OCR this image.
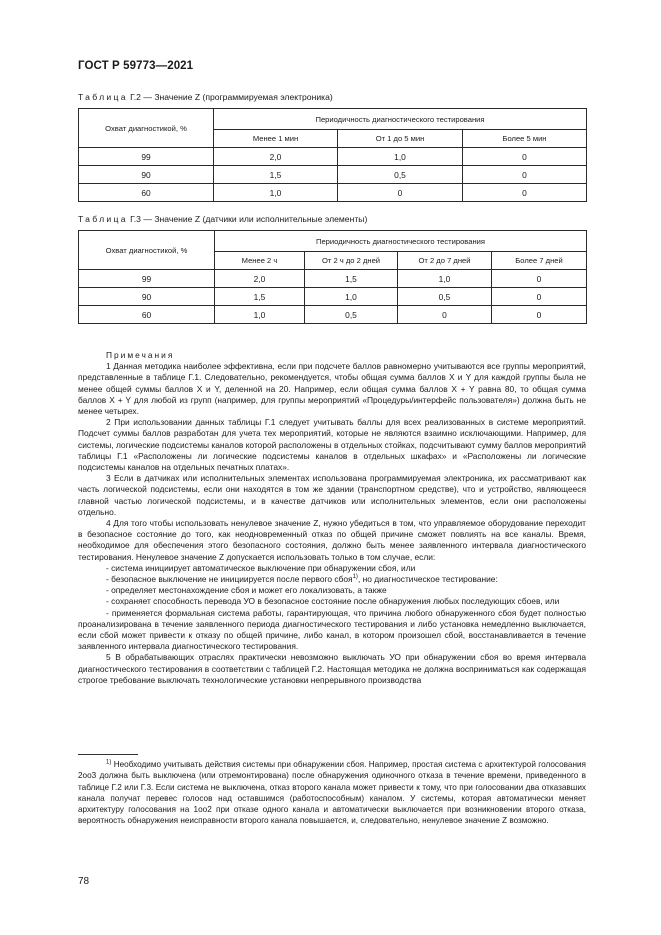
ГОСТ Р 59773—2021
Таблица Г.2 — Значение Z (программируемая электроника)
Охват диагностикой, %	Периодичность диагностического тестирования		
	Менее 1 мин	От 1 до 5 мин	Более 5 мин
99	2,0	1,0	0
90	1,5	0,5	0
60	1,0	0	0
Таблица Г.3 — Значение Z (датчики или исполнительные элементы)
Охват диагностикой, %	Периодичность диагностического тестирования			
	Менее 2 ч	От 2 ч до 2 дней	От 2 до 7 дней	Более 7 дней
99	2,0	1,5	1,0	0
90	1,5	1,0	0,5	0
60	1,0	0,5	0	0

Примечания

1 Данная методика наиболее эффективна, если при подсчете баллов равномерно учитываются все группы мероприятий, представленные в таблице Г.1. Следовательно, рекомендуется, чтобы общая сумма баллов X и Y для каждой группы была не менее общей суммы баллов X и Y, деленной на 20. Например, если общая сумма баллов X + Y равна 80, то общая сумма баллов X + Y для любой из групп (например, для группы мероприятий «Процедуры/интерфейс пользователя») должна быть не менее четырех.

2 При использовании данных таблицы Г.1 следует учитывать баллы для всех реализованных в системе мероприятий. Подсчет суммы баллов разработан для учета тех мероприятий, которые не являются взаимно исключающими. Например, для системы, логические подсистемы каналов которой расположены в отдельных стойках, подсчитывают сумму баллов мероприятий таблицы Г.1 «Расположены ли логические подсистемы каналов в отдельных шкафах» и «Расположены ли логические подсистемы каналов на отдельных печатных платах».

3 Если в датчиках или исполнительных элементах использована программируемая электроника, их рассматривают как часть логической подсистемы, если они находятся в том же здании (транспортном средстве), что и устройство, являющееся главной частью логической подсистемы, и в качестве датчиков или исполнительных элементов, если они расположены отдельно.

4 Для того чтобы использовать ненулевое значение Z, нужно убедиться в том, что управляемое оборудование переходит в безопасное состояние до того, как неодновременный отказ по общей причине сможет повлиять на все каналы. Время, необходимое для обеспечения этого безопасного состояния, должно быть менее заявленного интервала диагностического тестирования. Ненулевое значение Z допускается использовать только в том случае, если:

- система инициирует автоматическое выключение при обнаружении сбоя, или

- безопасное выключение не инициируется после первого сбоя$^{1)}$, но диагностическое тестирование:

- определяет местонахождение сбоя и может его локализовать, а также

- сохраняет способность перевода УО в безопасное состояние после обнаружения любых последующих сбоев, или

- применяется формальная система работы, гарантирующая, что причина любого обнаруженного сбоя будет полностью проанализирована в течение заявленного периода диагностического тестирования и либо установка немедленно выключается, если сбой может привести к отказу по общей причине, либо канал, в котором произошел сбой, восстанавливается в течение заявленного интервала диагностического тестирования.

5 В обрабатывающих отраслях практически невозможно выключать УО при обнаружении сбоя во время интервала диагностического тестирования в соответствии с таблицей Г.2. Настоящая методика не должна восприниматься как содержащая строгое требование выключать технологические установки непрерывного производства

$^{1)}$ Необходимо учитывать действия системы при обнаружении сбоя. Например, простая система с архитектурой голосования 2оо3 должна быть выключена (или отремонтирована) после обнаружения одиночного отказа в течение времени, приведенного в таблице Г.2 или Г.3. Если система не выключена, отказ второго канала может привести к тому, что при голосовании два отказавших канала получат перевес голосов над оставшимся (работоспособным) каналом. У системы, которая автоматически меняет архитектуру голосования на 1оо2 при отказе одного канала и автоматически выключается при возникновении второго отказа, вероятность обнаружения неисправности второго канала повышается, и, следовательно, ненулевое значение Z возможно.

78
